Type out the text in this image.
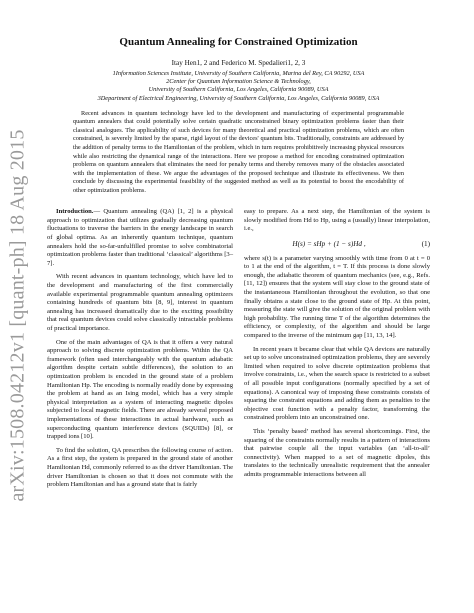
arXiv:1508.04212v1 [quant-ph] 18 Aug 2015
Quantum Annealing for Constrained Optimization
Itay Hen1, 2 and Federico M. Spedalieri1, 2, 3
1Information Sciences Institute, University of Southern California, Marina del Rey, CA 90292, USA
2Center for Quantum Information Science & Technology,
University of Southern California, Los Angeles, California 90089, USA
3Department of Electrical Engineering, University of Southern California, Los Angeles, California 90089, USA

Recent advances in quantum technology have led to the development and manufacturing of experimental programmable quantum annealers that could potentially solve certain quadratic unconstrained binary optimization problems faster than their classical analogues. The applicability of such devices for many theoretical and practical optimization problems, which are often constrained, is severely limited by the sparse, rigid layout of the devices' quantum bits. Traditionally, constraints are addressed by the addition of penalty terms to the Hamiltonian of the problem, which in turn requires prohibitively increasing physical resources while also restricting the dynamical range of the interactions. Here we propose a method for encoding constrained optimization problems on quantum annealers that eliminates the need for penalty terms and thereby removes many of the obstacles associated with the implementation of these. We argue the advantages of the proposed technique and illustrate its effectiveness. We then conclude by discussing the experimental feasibility of the suggested method as well as its potential to boost the encodability of other optimization problems.

Introduction.— Quantum annealing (QA) [1, 2] is a physical approach to optimization that utilizes gradually decreasing quantum fluctuations to traverse the barriers in the energy landscape in search of global optima. As an inherently quantum technique, quantum annealers hold the so-far-unfulfilled promise to solve combinatorial optimization problems faster than traditional ‘classical’ algorithms [3–7].

With recent advances in quantum technology, which have led to the development and manufacturing of the first commercially available experimental programmable quantum annealing optimizers containing hundreds of quantum bits [8, 9], interest in quantum annealing has increased dramatically due to the exciting possibility that real quantum devices could solve classically intractable problems of practical importance.

One of the main advantages of QA is that it offers a very natural approach to solving discrete optimization problems. Within the QA framework (often used interchangeably with the quantum adiabatic algorithm despite certain subtle differences), the solution to an optimization problem is encoded in the ground state of a problem Hamiltonian Hp. The encoding is normally readily done by expressing the problem at hand as an Ising model, which has a very simple physical interpretation as a system of interacting magnetic dipoles subjected to local magnetic fields. There are already several proposed implementations of these interactions in actual hardware, such as superconducting quantum interference devices (SQUIDs) [8], or trapped ions [10].

To find the solution, QA prescribes the following course of action. As a first step, the system is prepared in the ground state of another Hamiltonian Hd, commonly referred to as the driver Hamiltonian. The driver Hamiltonian is chosen so that it does not commute with the problem Hamiltonian and has a ground state that is fairly

easy to prepare. As a next step, the Hamiltonian of the system is slowly modified from Hd to Hp, using a (usually) linear interpolation, i.e.,

H(s) = sHp + (1 − s)Hd ,	(1)

where s(t) is a parameter varying smoothly with time from 0 at t = 0 to 1 at the end of the algorithm, t = T. If this process is done slowly enough, the adiabatic theorem of quantum mechanics (see, e.g., Refs. [11, 12]) ensures that the system will stay close to the ground state of the instantaneous Hamiltonian throughout the evolution, so that one finally obtains a state close to the ground state of Hp. At this point, measuring the state will give the solution of the original problem with high probability. The running time T of the algorithm determines the efficiency, or complexity, of the algorithm and should be large compared to the inverse of the minimum gap [11, 13, 14].

In recent years it became clear that while QA devices are naturally set up to solve unconstrained optimization problems, they are severely limited when required to solve discrete optimization problems that involve constraints, i.e., when the search space is restricted to a subset of all possible input configurations (normally specified by a set of equations). A canonical way of imposing these constraints consists of squaring the constraint equations and adding them as penalties to the objective cost function with a penalty factor, transforming the constrained problem into an unconstrained one.

This ‘penalty based’ method has several shortcomings. First, the squaring of the constraints normally results in a pattern of interactions that pairwise couple all the input variables (an ‘all-to-all’ connectivity). When mapped to a set of magnetic dipoles, this translates to the technically unrealistic requirement that the annealer admits programmable interactions between all
